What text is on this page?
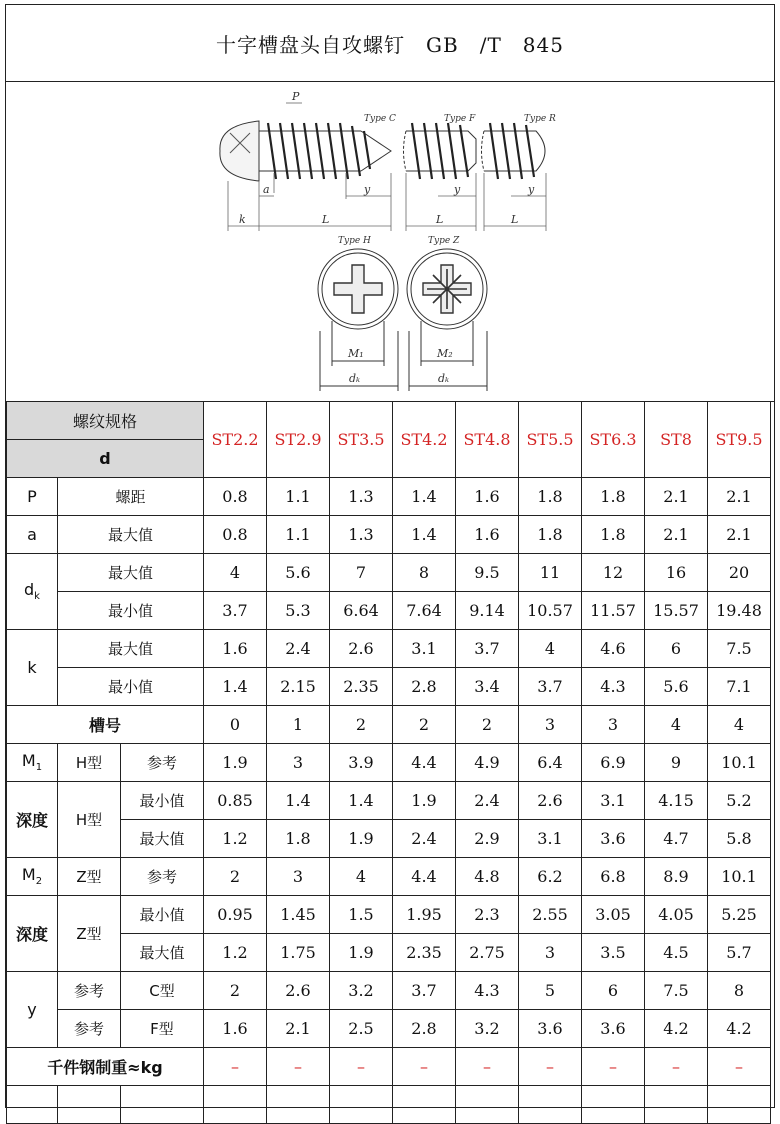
十字槽盘头自攻螺钉　GB　/T　845
Type C	Type F	Type R
Type H	Type Z
P
a
k	L
y
L
y
L
y
M₁
dₖ
M₂
dₖ
螺纹规格			ST2.2	ST2.9	ST3.5	ST4.2	ST4.8	ST5.5	ST6.3	ST8	ST9.5
d											
P	螺距		0.8	1.1	1.3	1.4	1.6	1.8	1.8	2.1	2.1
a	最大值		0.8	1.1	1.3	1.4	1.6	1.8	1.8	2.1	2.1
$d_k$	最大值		4	5.6	7	8	9.5	11	12	16	20
	最小值		3.7	5.3	6.64	7.64	9.14	10.57	11.57	15.57	19.48
k	最大值		1.6	2.4	2.6	3.1	3.7	4	4.6	6	7.5
	最小值		1.4	2.15	2.35	2.8	3.4	3.7	4.3	5.6	7.1
槽号			0	1	2	2	2	3	3	4	4
$M_1$	H型	参考	1.9	3	3.9	4.4	4.9	6.4	6.9	9	10.1
深度	H型	最小值	0.85	1.4	1.4	1.9	2.4	2.6	3.1	4.15	5.2
		最大值	1.2	1.8	1.9	2.4	2.9	3.1	3.6	4.7	5.8
$M_2$	Z型	参考	2	3	4	4.4	4.8	6.2	6.8	8.9	10.1
深度	Z型	最小值	0.95	1.45	1.5	1.95	2.3	2.55	3.05	4.05	5.25
		最大值	1.2	1.75	1.9	2.35	2.75	3	3.5	4.5	5.7
y	参考	C型	2	2.6	3.2	3.7	4.3	5	6	7.5	8
	参考	F型	1.6	2.1	2.5	2.8	3.2	3.6	3.6	4.2	4.2
千件钢制重≈kg			–	–	–	–	–	–	–	–	–
